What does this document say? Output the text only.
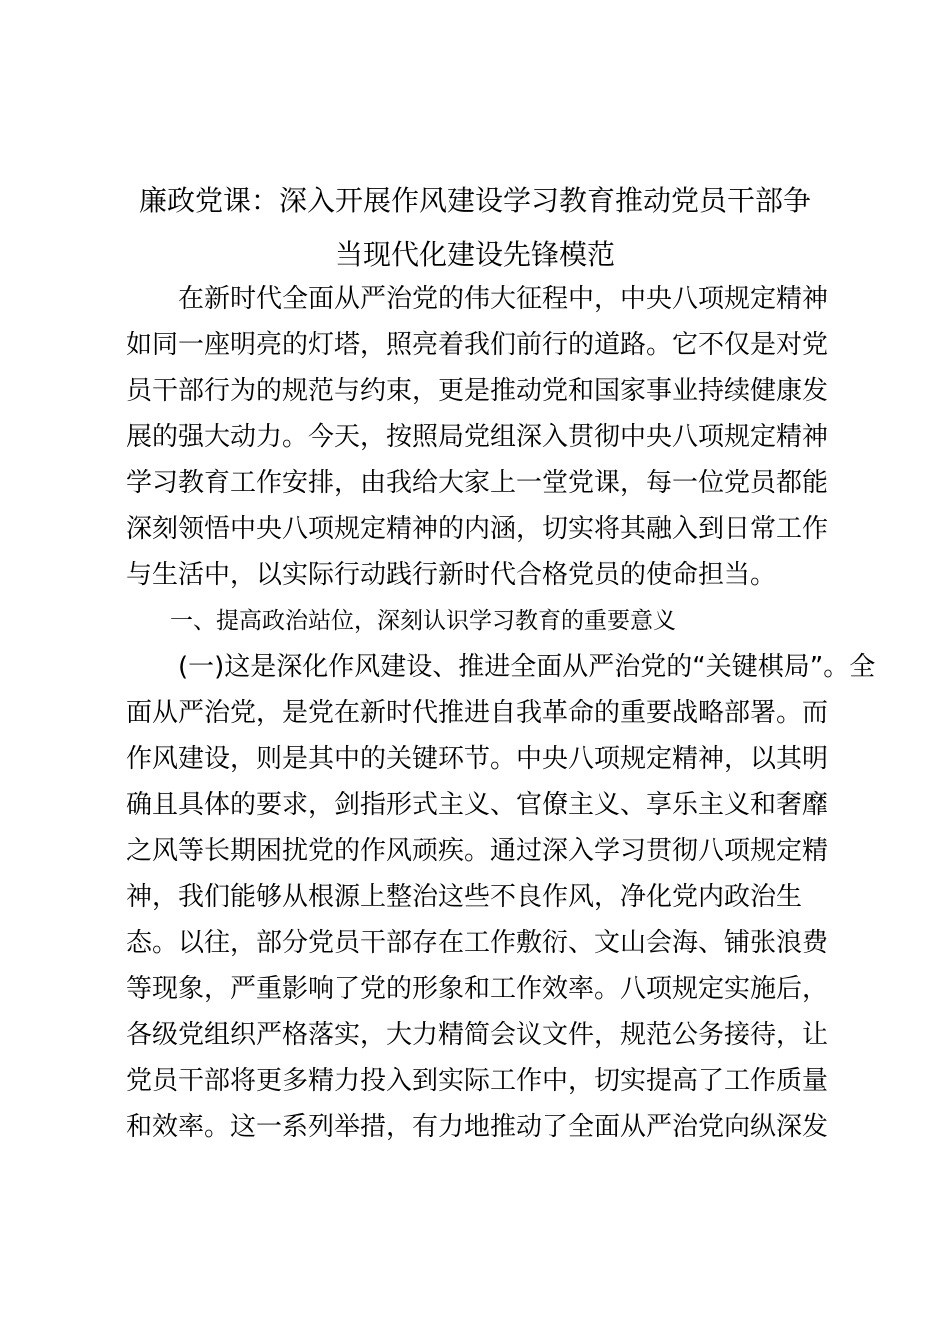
廉政党课：深入开展作风建设学习教育推动党员干部争
当现代化建设先锋模范
在新时代全面从严治党的伟大征程中，中央八项规定精神
如同一座明亮的灯塔，照亮着我们前行的道路。它不仅是对党
员干部行为的规范与约束，更是推动党和国家事业持续健康发
展的强大动力。今天，按照局党组深入贯彻中央八项规定精神
学习教育工作安排，由我给大家上一堂党课，每一位党员都能
深刻领悟中央八项规定精神的内涵，切实将其融入到日常工作
与生活中，以实际行动践行新时代合格党员的使命担当。
一、提高政治站位，深刻认识学习教育的重要意义
(一)这是深化作风建设、推进全面从严治党的“关键棋局”。全
面从严治党，是党在新时代推进自我革命的重要战略部署。而
作风建设，则是其中的关键环节。中央八项规定精神，以其明
确且具体的要求，剑指形式主义、官僚主义、享乐主义和奢靡
之风等长期困扰党的作风顽疾。通过深入学习贯彻八项规定精
神，我们能够从根源上整治这些不良作风，净化党内政治生
态。以往，部分党员干部存在工作敷衍、文山会海、铺张浪费
等现象，严重影响了党的形象和工作效率。八项规定实施后，
各级党组织严格落实，大力精简会议文件，规范公务接待，让
党员干部将更多精力投入到实际工作中，切实提高了工作质量
和效率。这一系列举措，有力地推动了全面从严治党向纵深发
